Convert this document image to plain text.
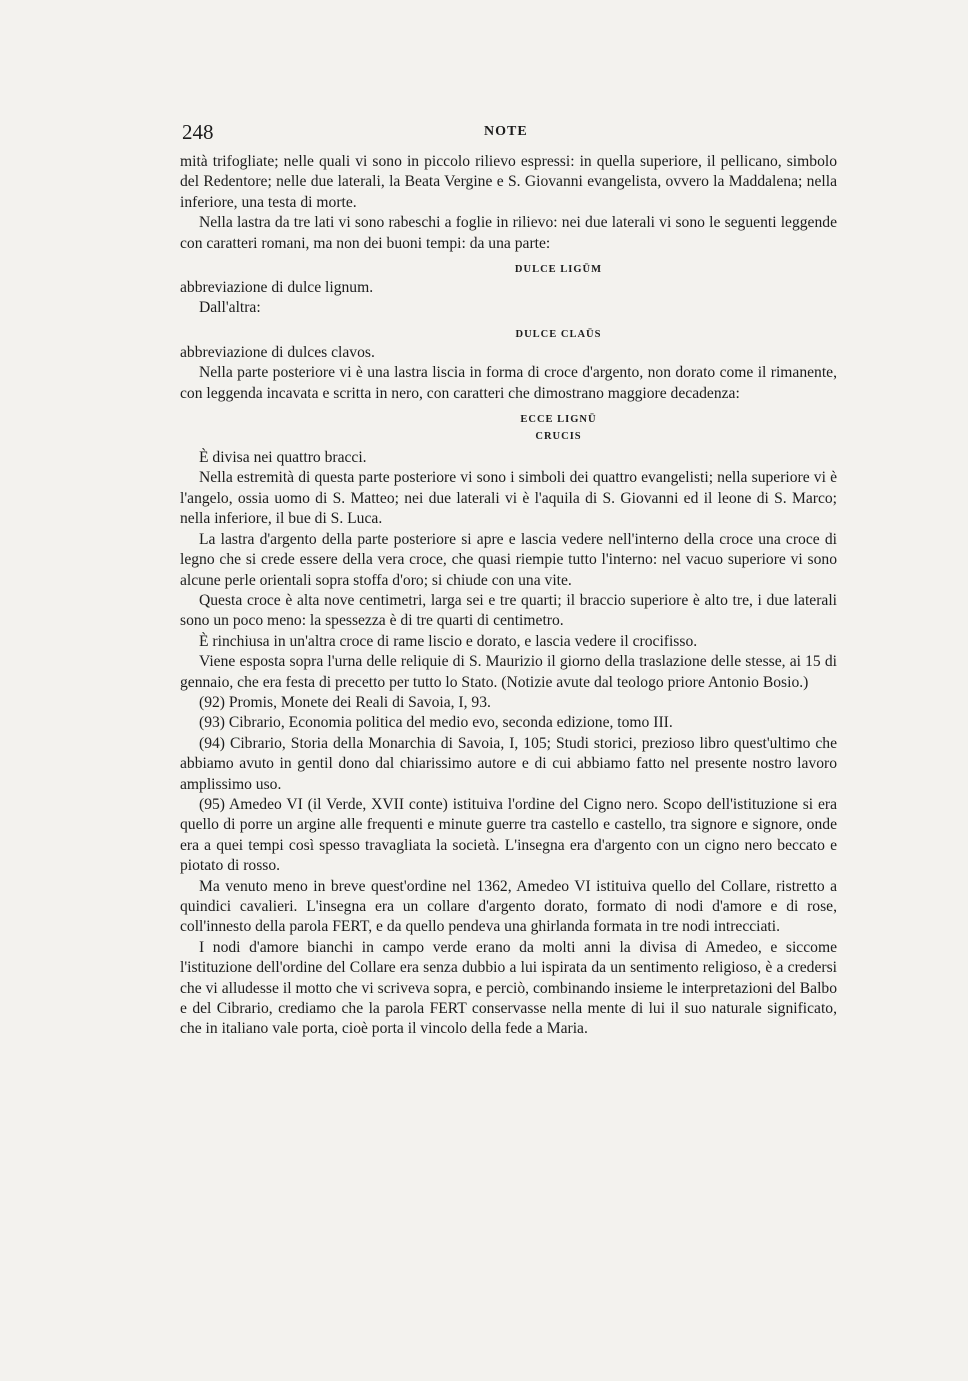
248	NOTE

mità trifogliate; nelle quali vi sono in piccolo rilievo espressi: in quella superiore, il pellicano, simbolo del Redentore; nelle due laterali, la Beata Vergine e S. Giovanni evangelista, ovvero la Maddalena; nella inferiore, una testa di morte.

Nella lastra da tre lati vi sono rabeschi a foglie in rilievo: nei due laterali vi sono le seguenti leggende con caratteri romani, ma non dei buoni tempi: da una parte:

DULCE LIGŪM

abbreviazione di dulce lignum.

Dall'altra:

DULCE CLAŪS

abbreviazione di dulces clavos.

Nella parte posteriore vi è una lastra liscia in forma di croce d'argento, non dorato come il rimanente, con leggenda incavata e scritta in nero, con caratteri che dimostrano maggiore decadenza:

ECCE LIGNŪ

CRUCIS

È divisa nei quattro bracci.

Nella estremità di questa parte posteriore vi sono i simboli dei quattro evangelisti; nella superiore vi è l'angelo, ossia uomo di S. Matteo; nei due laterali vi è l'aquila di S. Giovanni ed il leone di S. Marco; nella inferiore, il bue di S. Luca.

La lastra d'argento della parte posteriore si apre e lascia vedere nell'interno della croce una croce di legno che si crede essere della vera croce, che quasi riempie tutto l'interno: nel vacuo superiore vi sono alcune perle orientali sopra stoffa d'oro; si chiude con una vite.

Questa croce è alta nove centimetri, larga sei e tre quarti; il braccio superiore è alto tre, i due laterali sono un poco meno: la spessezza è di tre quarti di centimetro.

È rinchiusa in un'altra croce di rame liscio e dorato, e lascia vedere il crocifisso.

Viene esposta sopra l'urna delle reliquie di S. Maurizio il giorno della traslazione delle stesse, ai 15 di gennaio, che era festa di precetto per tutto lo Stato. (Notizie avute dal teologo priore Antonio Bosio.)

(92) Promis, Monete dei Reali di Savoia, I, 93.

(93) Cibrario, Economia politica del medio evo, seconda edizione, tomo III.

(94) Cibrario, Storia della Monarchia di Savoia, I, 105; Studi storici, prezioso libro quest'ultimo che abbiamo avuto in gentil dono dal chiarissimo autore e di cui abbiamo fatto nel presente nostro lavoro amplissimo uso.

(95) Amedeo VI (il Verde, XVII conte) istituiva l'ordine del Cigno nero. Scopo dell'istituzione si era quello di porre un argine alle frequenti e minute guerre tra castello e castello, tra signore e signore, onde era a quei tempi così spesso travagliata la società. L'insegna era d'argento con un cigno nero beccato e piotato di rosso.

Ma venuto meno in breve quest'ordine nel 1362, Amedeo VI istituiva quello del Collare, ristretto a quindici cavalieri. L'insegna era un collare d'argento dorato, formato di nodi d'amore e di rose, coll'innesto della parola FERT, e da quello pendeva una ghirlanda formata in tre nodi intrecciati.

I nodi d'amore bianchi in campo verde erano da molti anni la divisa di Amedeo, e siccome l'istituzione dell'ordine del Collare era senza dubbio a lui ispirata da un sentimento religioso, è a credersi che vi alludesse il motto che vi scriveva sopra, e perciò, combinando insieme le interpretazioni del Balbo e del Cibrario, crediamo che la parola FERT conservasse nella mente di lui il suo naturale significato, che in italiano vale porta, cioè porta il vincolo della fede a Maria.
